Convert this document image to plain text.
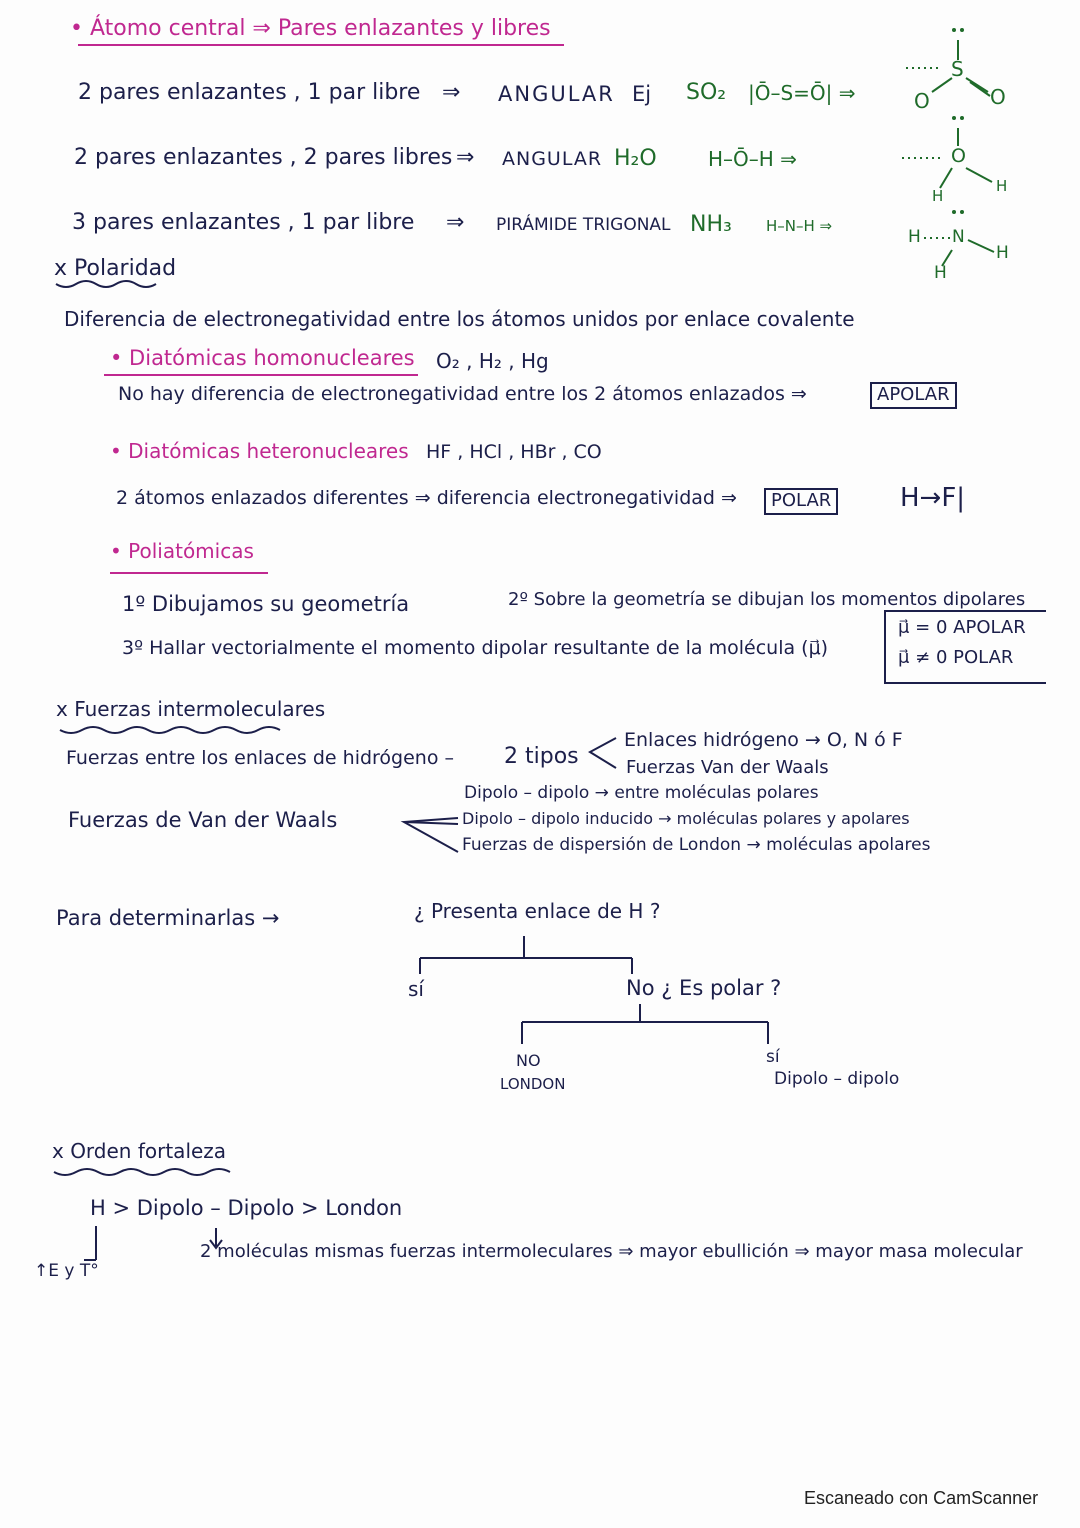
• Átomo central ⇒ Pares enlazantes y libres
2 pares enlazantes , 1 par libre ⇒ ANGULAR Ej SO₂ |Ō–S=Ō| ⇒
2 pares enlazantes , 2 pares libres ⇒ ANGULAR H₂O	H–Ō–H ⇒
3 pares enlazantes , 1 par libre ⇒ PIRÁMIDE TRIGONAL NH₃ H–N–H ⇒
S
O	O
O
H
H
N
H
H
H
x Polaridad
Diferencia de electronegatividad entre los átomos unidos por enlace covalente
• Diatómicas homonucleares O₂ , H₂ , Hg
No hay diferencia de electronegatividad entre los 2 átomos enlazados ⇒	APOLAR
• Diatómicas heteronucleares HF , HCl , HBr , CO
2 átomos enlazados diferentes ⇒ diferencia electronegatividad ⇒	POLAR	H→F|
• Poliatómicas
1º Dibujamos su geometría	2º Sobre la geometría se dibujan los momentos dipolares
3º Hallar vectorialmente el momento dipolar resultante de la molécula (μ⃗)
μ⃗ = 0 APOLAR
μ⃗ ≠ 0 POLAR
x Fuerzas intermoleculares
Fuerzas entre los enlaces de hidrógeno – 2 tipos
Enlaces hidrógeno → O, N ó F
Fuerzas Van der Waals
Fuerzas de Van der Waals
Dipolo – dipolo → entre moléculas polares
Dipolo – dipolo inducido → moléculas polares y apolares
Fuerzas de dispersión de London → moléculas apolares
Para determinarlas →	¿ Presenta enlace de H ?
sí	No ¿ Es polar ?
NO
LONDON
sí
Dipolo – dipolo
x Orden fortaleza
H > Dipolo – Dipolo > London
↑E y T°
2 moléculas mismas fuerzas intermoleculares ⇒ mayor ebullición ⇒ mayor masa molecular
Escaneado con CamScanner
